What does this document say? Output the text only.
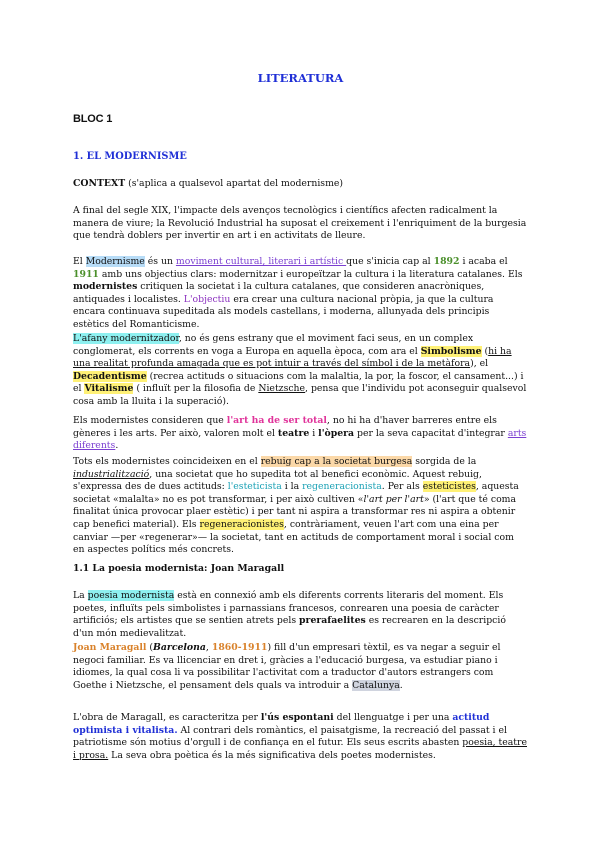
LITERATURA

BLOC 1

1. EL MODERNISME

CONTEXT (s'aplica a qualsevol apartat del modernisme)

A final del segle XIX, l'impacte dels avenços tecnològics i científics afecten radicalment la manera de viure; la Revolució Industrial ha suposat el creixement i l'enriquiment de la burgesia que tendrà doblers per invertir en art i en activitats de lleure.

El Modernisme és un moviment cultural, literari i artístic que s'inicia cap al 1892 i acaba el 1911 amb uns objectius clars: modernitzar i europeïtzar la cultura i la literatura catalanes. Els modernistes critiquen la societat i la cultura catalanes, que consideren anacròniques, antiquades i localistes. L'objectiu era crear una cultura nacional pròpia, ja que la cultura encara continuava supeditada als models castellans, i moderna, allunyada dels principis estètics del Romanticisme.

L'afany modernitzador, no és gens estrany que el moviment faci seus, en un complex conglomerat, els corrents en voga a Europa en aquella època, com ara el Simbolisme (hi ha una realitat profunda amagada que es pot intuir a través del símbol i de la metàfora), el Decadentisme (recrea actituds o situacions com la malaltia, la por, la foscor, el cansament...) i el Vitalisme ( influït per la filosofia de Nietzsche, pensa que l'individu pot aconseguir qualsevol cosa amb la lluita i la superació).

Els modernistes consideren que l'art ha de ser total, no hi ha d'haver barreres entre els gèneres i les arts. Per això, valoren molt el teatre i l'òpera per la seva capacitat d'integrar arts diferents.

Tots els modernistes coincideixen en el rebuig cap a la societat burgesa sorgida de la industrialització, una societat que ho supedita tot al benefici econòmic. Aquest rebuig, s'expressa des de dues actituds: l'esteticista i la regeneracionista. Per als esteticistes, aquesta societat «malalta» no es pot transformar, i per això cultiven «l'art per l'art» (l'art que té coma finalitat única provocar plaer estètic) i per tant ni aspira a transformar res ni aspira a obtenir cap benefici material). Els regeneracionistes, contràriament, veuen l'art com una eina per canviar —per «regenerar»— la societat, tant en actituds de comportament moral i social com en aspectes polítics més concrets.

1.1 La poesia modernista: Joan Maragall

La poesia modernista està en connexió amb els diferents corrents literaris del moment. Els poetes, influïts pels simbolistes i parnassians francesos, conrearen una poesia de caràcter artificiós; els artistes que se sentien atrets pels prerafaelites es recrearen en la descripció d'un món medievalitzat.

Joan Maragall (Barcelona, 1860-1911) fill d'un empresari tèxtil, es va negar a seguir el negoci familiar. Es va llicenciar en dret i, gràcies a l'educació burgesa, va estudiar piano i idiomes, la qual cosa li va possibilitar l'activitat com a traductor d'autors estrangers com Goethe i Nietzsche, el pensament dels quals va introduir a Catalunya.

L'obra de Maragall, es caracteritza per l'ús espontani del llenguatge i per una actitud optimista i vitalista. Al contrari dels romàntics, el paisatgisme, la recreació del passat i el patriotisme són motius d'orgull i de confiança en el futur. Els seus escrits abasten poesia, teatre i prosa. La seva obra poètica és la més significativa dels poetes modernistes.
